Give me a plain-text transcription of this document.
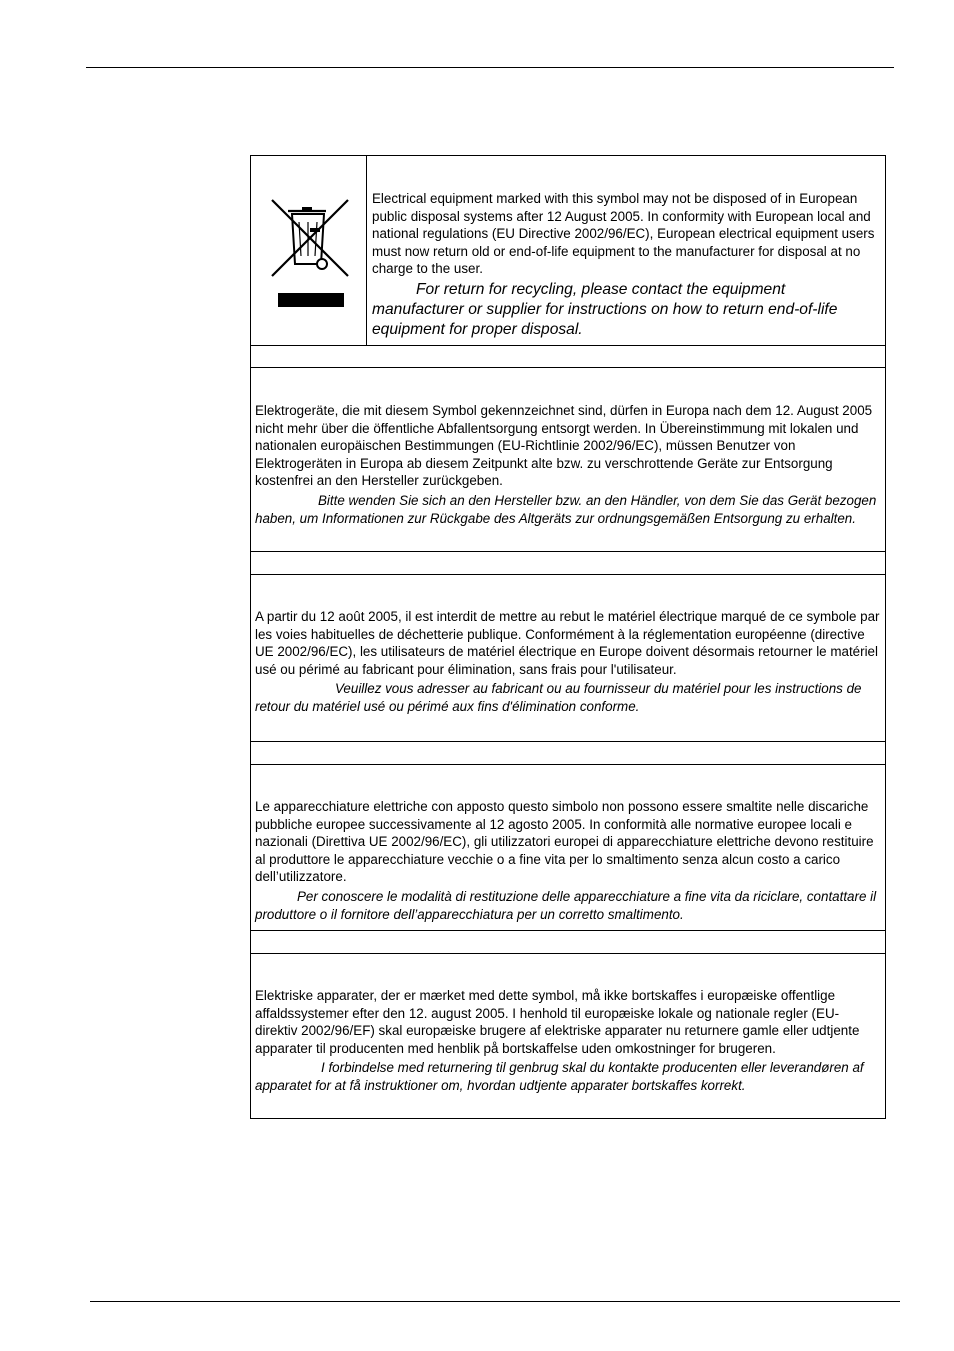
Electrical equipment marked with this symbol may not be disposed of in European public disposal systems after 12 August 2005. In conformity with European local and national regulations (EU Directive 2002/96/EC), European electrical equipment users must now return old or end-of-life equipment to the manufacturer for disposal at no charge to the user.

For return for recycling, please contact the equipment manufacturer or supplier for instructions on how to return end-of-life equipment for proper disposal.

Elektrogeräte, die mit diesem Symbol gekennzeichnet sind, dürfen in Europa nach dem 12. August 2005 nicht mehr über die öffentliche Abfallentsorgung entsorgt werden. In Übereinstimmung mit lokalen und nationalen europäischen Bestimmungen (EU-Richtlinie 2002/96/EC), müssen Benutzer von Elektrogeräten in Europa ab diesem Zeitpunkt alte bzw. zu verschrottende Geräte zur Entsorgung kostenfrei an den Hersteller zurückgeben.

Bitte wenden Sie sich an den Hersteller bzw. an den Händler, von dem Sie das Gerät bezogen haben, um Informationen zur Rückgabe des Altgeräts zur ordnungsgemäßen Entsorgung zu erhalten.

A partir du 12 août 2005, il est interdit de mettre au rebut le matériel électrique marqué de ce symbole par les voies habituelles de déchetterie publique. Conformément à la réglementation européenne (directive UE 2002/96/EC), les utilisateurs de matériel électrique en Europe doivent désormais retourner le matériel usé ou périmé au fabricant pour élimination, sans frais pour l'utilisateur.

Veuillez vous adresser au fabricant ou au fournisseur du matériel pour les instructions de retour du matériel usé ou périmé aux fins d'élimination conforme.

Le apparecchiature elettriche con apposto questo simbolo non possono essere smaltite nelle discariche pubbliche europee successivamente al 12 agosto 2005. In conformità alle normative europee locali e nazionali (Direttiva UE 2002/96/EC), gli utilizzatori europei di apparecchiature elettriche devono restituire al produttore le apparecchiature vecchie o a fine vita per lo smaltimento senza alcun costo a carico dell’utilizzatore.

Per conoscere le modalità di restituzione delle apparecchiature a fine vita da riciclare, contattare il produttore o il fornitore dell’apparecchiatura per un corretto smaltimento.

Elektriske apparater, der er mærket med dette symbol, må ikke bortskaffes i europæiske offentlige affaldssystemer efter den 12. august 2005. I henhold til europæiske lokale og nationale regler (EU-direktiv 2002/96/EF) skal europæiske brugere af elektriske apparater nu returnere gamle eller udtjente apparater til producenten med henblik på bortskaffelse uden omkostninger for brugeren.

I forbindelse med returnering til genbrug skal du kontakte producenten eller leverandøren af apparatet for at få instruktioner om, hvordan udtjente apparater bortskaffes korrekt.
